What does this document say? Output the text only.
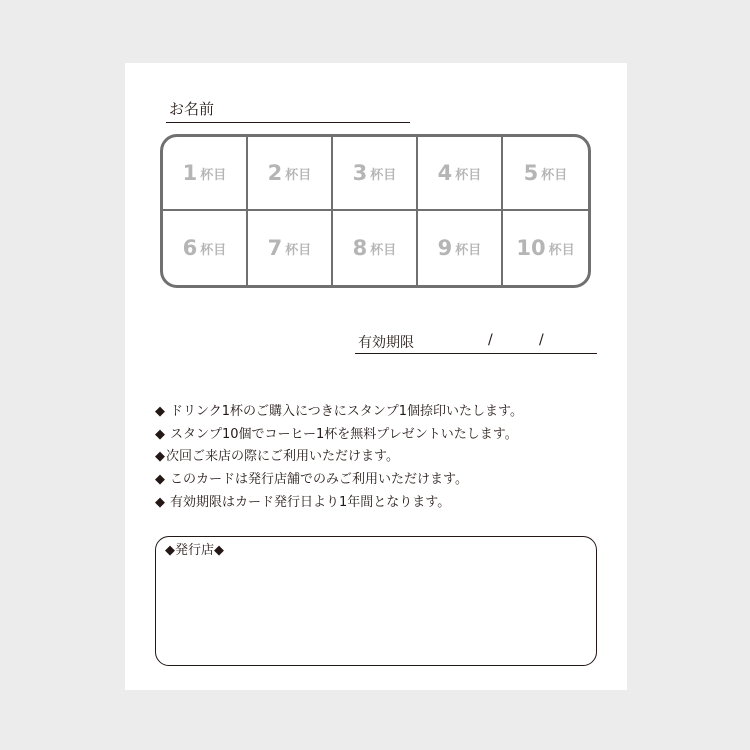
お名前
1 杯目 2 杯目 3 杯目 4 杯目 5 杯目
6 杯目 7 杯目 8 杯目 9 杯目 10 杯目
有効期限	/	/
◆ ドリンク1杯のご購入につきにスタンプ1個捺印いたします。
◆ スタンプ10個でコーヒー1杯を無料プレゼントいたします。
◆ 次回ご来店の際にご利用いただけます。
◆ このカードは発行店舗でのみご利用いただけます。
◆ 有効期限はカード発行日より1年間となります。
◆発行店◆
